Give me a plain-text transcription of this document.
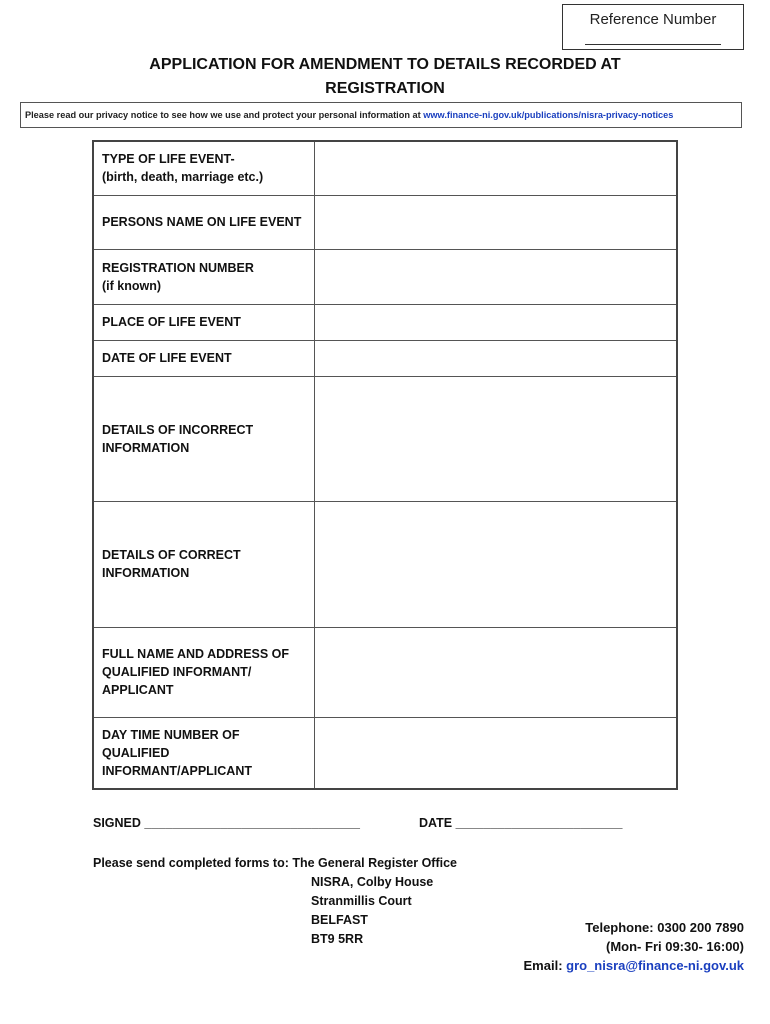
Reference Number
APPLICATION FOR AMENDMENT TO DETAILS RECORDED AT
REGISTRATION
Please read our privacy notice to see how we use and protect your personal information at www.finance-ni.gov.uk/publications/nisra-privacy-notices
TYPE OF LIFE EVENT-
(birth, death, marriage etc.)	

PERSONS NAME ON LIFE EVENT	

REGISTRATION NUMBER
(if known)	

PLACE OF LIFE EVENT	

DATE OF LIFE EVENT	

DETAILS OF INCORRECT
INFORMATION	

DETAILS OF CORRECT
INFORMATION	

FULL NAME AND ADDRESS OF
QUALIFIED INFORMANT/
APPLICANT	

DAY TIME NUMBER OF
QUALIFIED
INFORMANT/APPLICANT	

SIGNED _______________________________	DATE ________________________
Please send completed forms to: The General Register Office
NISRA, Colby House
Stranmillis Court
BELFAST
BT9 5RR
Telephone: 0300 200 7890
(Mon- Fri 09:30- 16:00)
Email: gro_nisra@finance-ni.gov.uk
